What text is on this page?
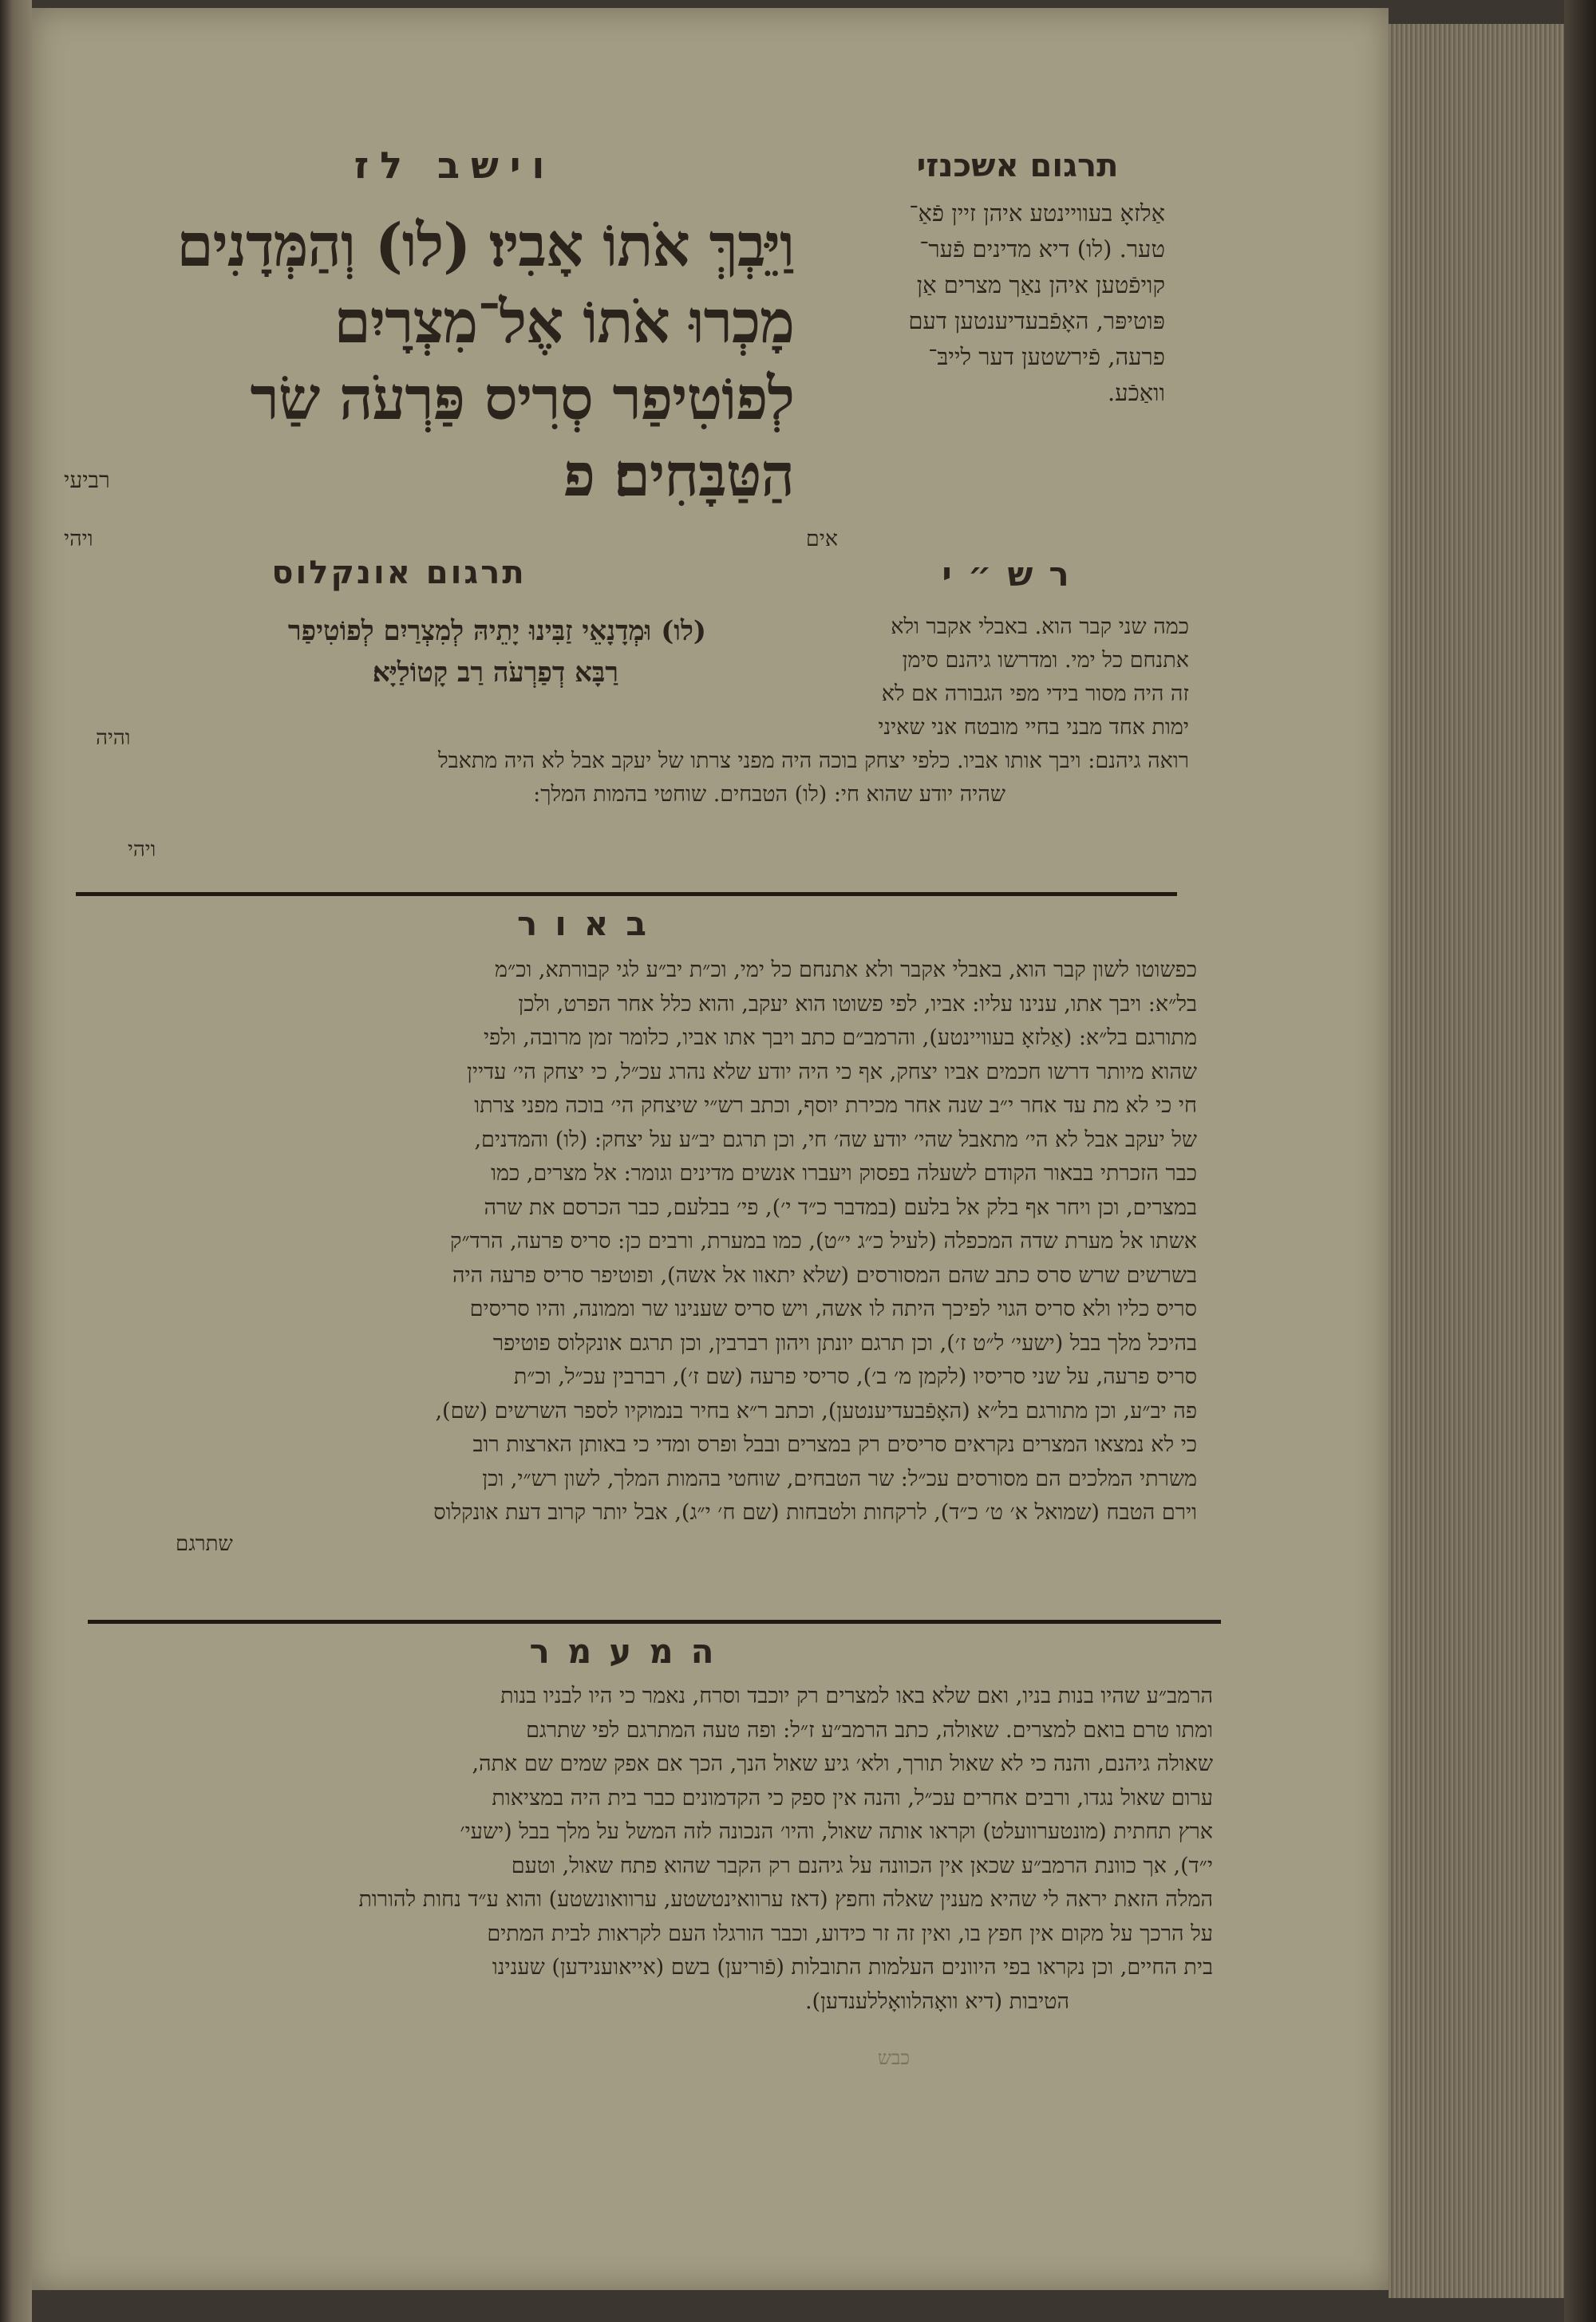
וישב לז	תרגום אשכנזי
וַיֵּבְךְּ אֹתוֹ אָבִיו׃ (לו) וְהַמְּדָנִים
מָכְרוּ אֹתוֹ אֶל־מִצְרָיִם
לְפוֹטִיפַר סְרִיס פַּרְעֹה שַׂר
הַטַּבָּחִים׃ פ
רביעי
אַלזאָ בעוויינטע איהן זיין פֿאַ־
טער. (לו) דיא מדינים פֿער־
קויפֿטען איהן נאַך מצרים אַן
פּוטיפּר, האָפֿבעדיענטען דעם
פרעה, פֿירשטען דער לייבּ־
וואַכֿע.
ויהי	אים
תרגום אונקלוס	רש״י
(לו) וּמְדָנָאֵי זַבִּינוּ יָתֵיהּ לְמִצְרַיִם לְפוֹטִיפַר
רַבָּא דְפַרְעֹה רַב קָטוֹלַיָּא׃
כמה שני קבר הוא. באבלי אקבר ולא
אתנחם כל ימי. ומדרשו גיהנם סימן
זה היה מסור בידי מפי הגבורה אם לא
ימות אחד מבני בחיי מובטח אני שאיני
רואה גיהנם: ויבך אותו אביו. כלפי יצחק בוכה היה מפני צרתו של יעקב אבל לא היה מתאבל
שהיה יודע שהוא חי: (לו) הטבחים. שוחטי בהמות המלך:
והיה
ויהי
באור
כפשוטו לשון קבר הוא, באבלי אקבר ולא אתנחם כל ימי, וכ״ת יב״ע לגי קבורתא, וכ״מ
בל״א: ויבך אתו, ענינו עליו: אביו, לפי פשוטו הוא יעקב, והוא כלל אחר הפרט, ולכן
מתורגם בל״א: (אַלזאָ בעוויינטע), והרמב״ם כתב ויבך אתו אביו, כלומר זמן מרובה, ולפי
שהוא מיותר דרשו חכמים אביו יצחק, אף כי היה יודע שלא נהרג עכ״ל, כי יצחק הי׳ עדיין
חי כי לא מת עד אחר י״ב שנה אחר מכירת יוסף, וכתב רש״י שיצחק הי׳ בוכה מפני צרתו
של יעקב אבל לא הי׳ מתאבל שהי׳ יודע שה׳ חי, וכן תרגם יב״ע על יצחק: (לו) והמדנים,
כבר הזכרתי בבאור הקודם לשעלה בפסוק ויעברו אנשים מדינים וגומר: אל מצרים, כמו
במצרים, וכן ויחר אף בלק אל בלעם (במדבר כ״ד י׳), פי׳ בבלעם, כבר הכרסם את שרה
אשתו אל מערת שדה המכפלה (לעיל כ״ג י״ט), כמו במערת, ורבים כן: סריס פרעה, הרד״ק
בשרשים שרש סרס כתב שהם המסורסים (שלא יתאוו אל אשה), ופוטיפר סריס פרעה היה
סריס כליו ולא סריס הגוי לפיכך היתה לו אשה, ויש סריס שענינו שר וממונה, והיו סריסים
בהיכל מלך בבל (ישעי׳ ל״ט ז׳), וכן תרגם יונתן ויהון רברבין, וכן תרגם אונקלוס פוטיפר
סריס פרעה, על שני סריסיו (לקמן מ׳ ב׳), סריסי פרעה (שם ז׳), רברבין עכ״ל, וכ״ת
פה יב״ע, וכן מתורגם בל״א (האָפֿבעדיענטען), וכתב ר״א בחיר בנמוקיו לספר השרשים (שם),
כי לא נמצאו המצרים נקראים סריסים רק במצרים ובבל ופרס ומדי כי באותן הארצות רוב
משרתי המלכים הם מסורסים עכ״ל: שר הטבחים, שוחטי בהמות המלך, לשון רש״י, וכן
וירם הטבח (שמואל א׳ ט׳ כ״ד), לרקחות ולטבחות (שם ח׳ י״ג), אבל יותר קרוב דעת אונקלוס
שתרגם
המעמר
הרמב״ע שהיו בנות בניו, ואם שלא באו למצרים רק יוכבד וסרח, נאמר כי היו לבניו בנות
ומתו טרם בואם למצרים. שאולה, כתב הרמב״ע ז״ל: ופה טעה המתרגם לפי שתרגם
שאולה גיהנם, והנה כי לא שאול תורך, ולא׳ גיע שאול הנך, הכך אם אפק שמים שם אתה,
ערום שאול נגדו, ורבים אחרים עכ״ל, והנה אין ספק כי הקדמונים כבר בית היה במציאות
ארץ תחתית (מונטערוועלט) וקראו אותה שאול, והיו׳ הנכונה לזה המשל על מלך בבל (ישעי׳
י״ד), אך כוונת הרמב״ע שכאן אין הכוונה על גיהנם רק הקבר שהוא פתח שאול, וטעם
המלה הזאת יראה לי שהיא מענין שאלה וחפץ (דאז ערוואינטשטע, ערוואונשטע) והוא ע״ד נחות להורות
על הרכך על מקום אין חפץ בו, ואין זה זר כידוע, וכבר הורגלו העם לקראות לבית המתים
בית החיים, וכן נקראו בפי היוונים העלמות התובלות (פֿוריען) בשם (אייאוענידען) שענינו
הטיבות (דיא וואָהלוואָללענדען).
כבש
